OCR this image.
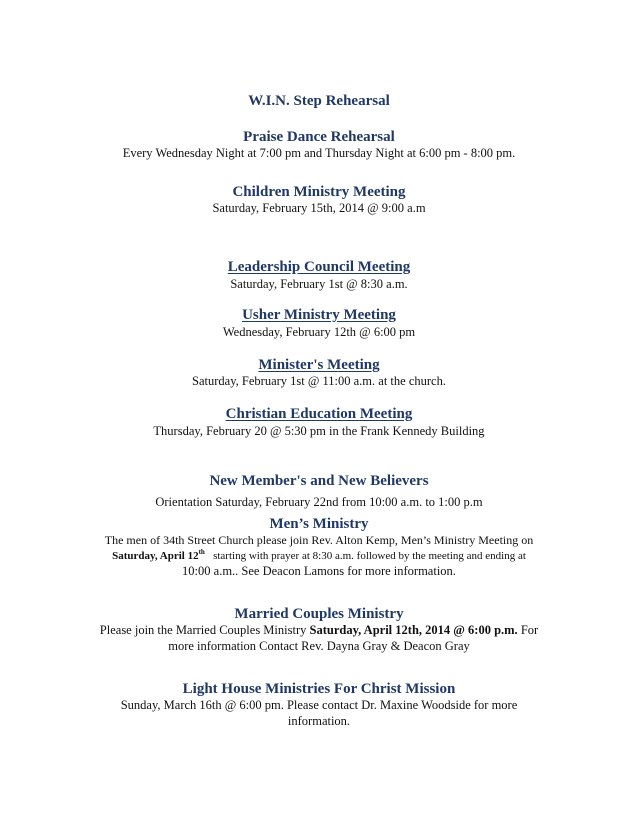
W.I.N. Step Rehearsal
Praise Dance Rehearsal
Every Wednesday Night at 7:00 pm and Thursday Night at 6:00 pm - 8:00 pm.
Children Ministry Meeting
Saturday, February 15th, 2014 @ 9:00 a.m
Leadership Council Meeting
Saturday, February 1st @ 8:30 a.m.
Usher Ministry Meeting
Wednesday, February 12th @ 6:00 pm
Minister's Meeting
Saturday, February 1st @ 11:00 a.m. at the church.
Christian Education Meeting
Thursday, February 20 @ 5:30 pm in the Frank Kennedy Building
New Member's and New Believers
Orientation Saturday, February 22nd from 10:00 a.m. to 1:00 p.m
Men’s Ministry
The men of 34th Street Church please join Rev. Alton Kemp, Men’s Ministry Meeting on
Saturday, April 12th starting with prayer at 8:30 a.m. followed by the meeting and ending at
10:00 a.m.. See Deacon Lamons for more information.
Married Couples Ministry
Please join the Married Couples Ministry Saturday, April 12th, 2014 @ 6:00 p.m. For
more information Contact Rev. Dayna Gray & Deacon Gray
Light House Ministries For Christ Mission
Sunday, March 16th @ 6:00 pm. Please contact Dr. Maxine Woodside for more
information.
